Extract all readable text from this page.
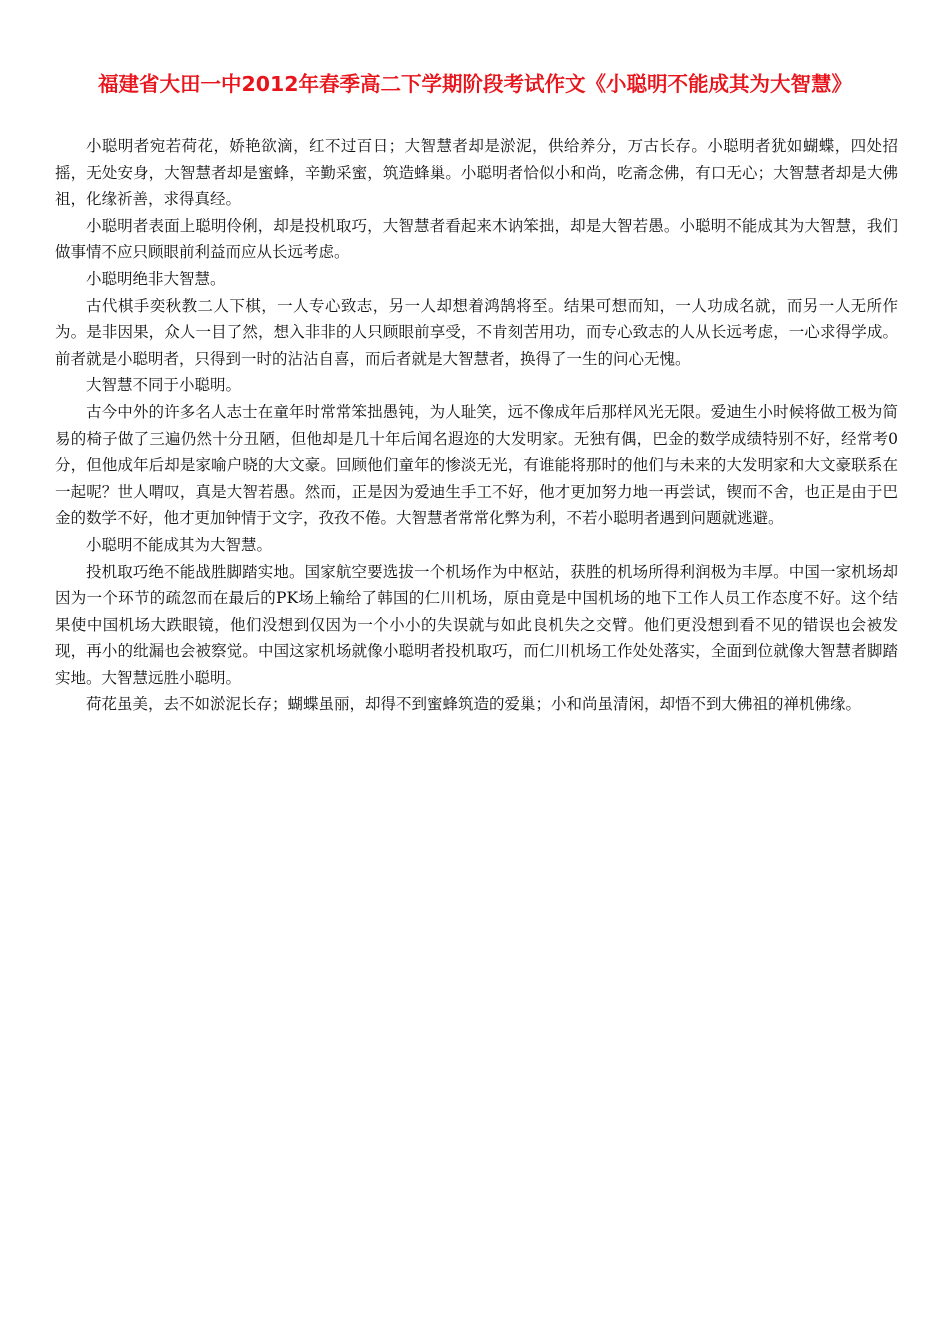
福建省大田一中2012年春季高二下学期阶段考试作文《小聪明不能成其为大智慧》

小聪明者宛若荷花，娇艳欲滴，红不过百日；大智慧者却是淤泥，供给养分，万古长存。小聪明者犹如蝴蝶，四处招摇，无处安身，大智慧者却是蜜蜂，辛勤采蜜，筑造蜂巢。小聪明者恰似小和尚，吃斋念佛，有口无心；大智慧者却是大佛祖，化缘祈善，求得真经。

小聪明者表面上聪明伶俐，却是投机取巧，大智慧者看起来木讷笨拙，却是大智若愚。小聪明不能成其为大智慧，我们做事情不应只顾眼前利益而应从长远考虑。

小聪明绝非大智慧。

古代棋手奕秋教二人下棋，一人专心致志，另一人却想着鸿鹄将至。结果可想而知，一人功成名就，而另一人无所作为。是非因果，众人一目了然，想入非非的人只顾眼前享受，不肯刻苦用功，而专心致志的人从长远考虑，一心求得学成。前者就是小聪明者，只得到一时的沾沾自喜，而后者就是大智慧者，换得了一生的问心无愧。

大智慧不同于小聪明。

古今中外的许多名人志士在童年时常常笨拙愚钝，为人耻笑，远不像成年后那样风光无限。爱迪生小时候将做工极为简易的椅子做了三遍仍然十分丑陋，但他却是几十年后闻名遐迩的大发明家。无独有偶，巴金的数学成绩特别不好，经常考0分，但他成年后却是家喻户晓的大文豪。回顾他们童年的惨淡无光，有谁能将那时的他们与未来的大发明家和大文豪联系在一起呢？世人喟叹，真是大智若愚。然而，正是因为爱迪生手工不好，他才更加努力地一再尝试，锲而不舍，也正是由于巴金的数学不好，他才更加钟情于文字，孜孜不倦。大智慧者常常化弊为利，不若小聪明者遇到问题就逃避。

小聪明不能成其为大智慧。

投机取巧绝不能战胜脚踏实地。国家航空要选拔一个机场作为中枢站，获胜的机场所得利润极为丰厚。中国一家机场却因为一个环节的疏忽而在最后的PK场上输给了韩国的仁川机场，原由竟是中国机场的地下工作人员工作态度不好。这个结果使中国机场大跌眼镜，他们没想到仅因为一个小小的失误就与如此良机失之交臂。他们更没想到看不见的错误也会被发现，再小的纰漏也会被察觉。中国这家机场就像小聪明者投机取巧，而仁川机场工作处处落实，全面到位就像大智慧者脚踏实地。大智慧远胜小聪明。

荷花虽美，去不如淤泥长存；蝴蝶虽丽，却得不到蜜蜂筑造的爱巢；小和尚虽清闲，却悟不到大佛祖的禅机佛缘。
